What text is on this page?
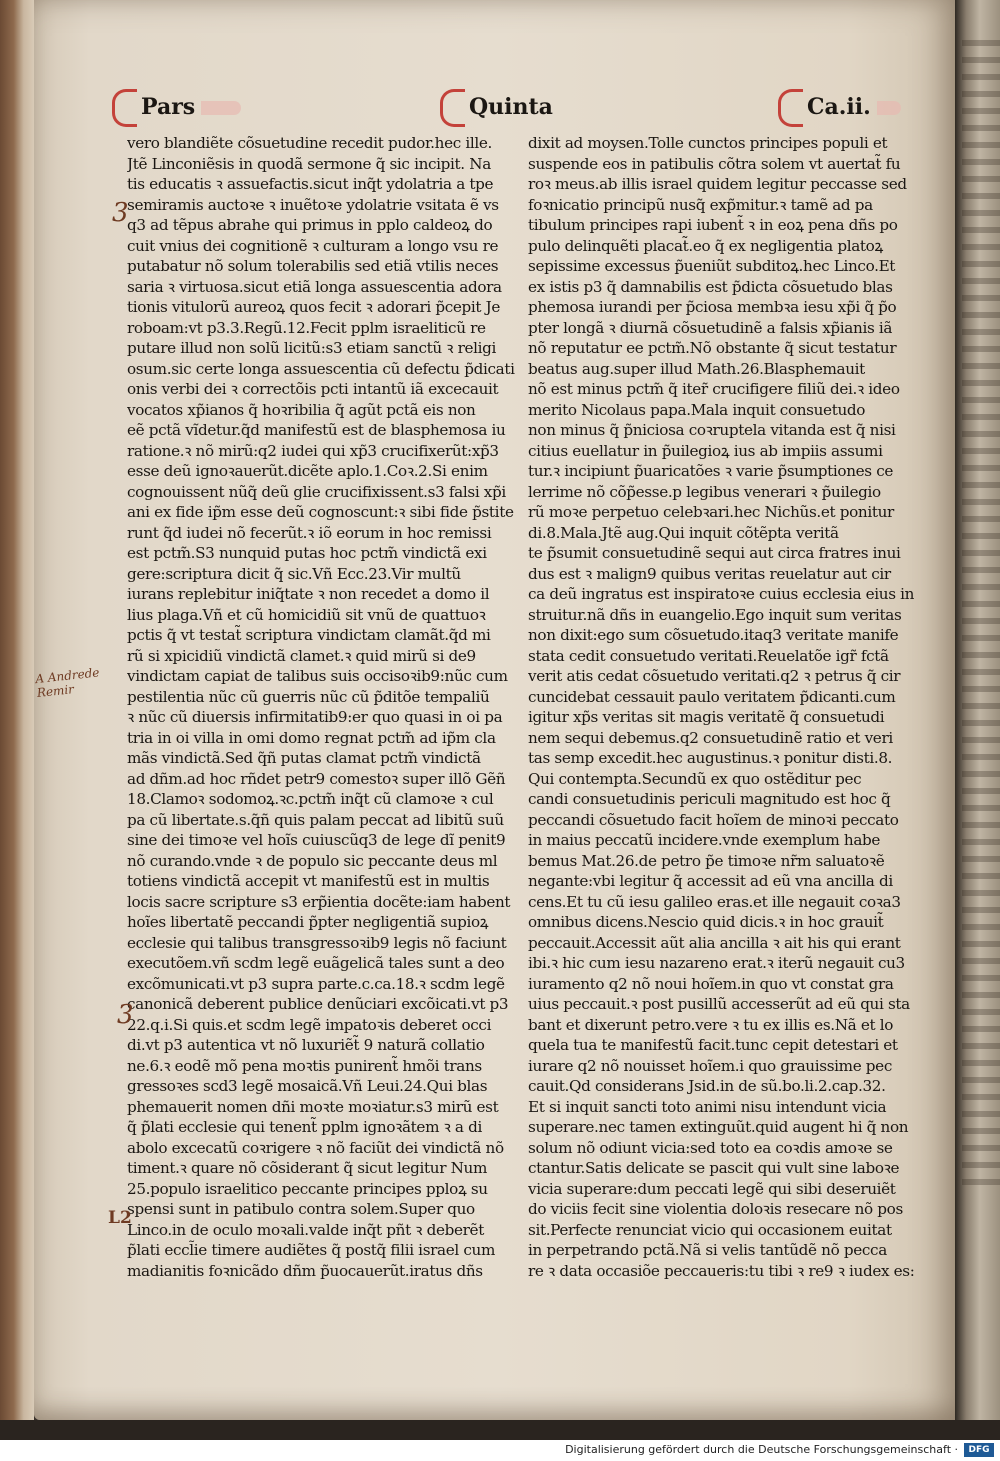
Pars	Quinta	Ca.ii.
vero blandiẽte cõsuetudine recedit pudor.hec ille.
Jtẽ Linconiẽsis in quodã sermone q̃ sic incipit. Na
tis educatis ꝛ assuefactis.sicut inq̃t ydolatria a tpe
semiramis auctoꝛe ꝛ inuẽtoꝛe ydolatrie vsitata ẽ vs
q3 ad tẽpus abrahe qui primus in pplo caldeoꝝ do
cuit vnius dei cognitionẽ ꝛ culturam a longo vsu re
putabatur nõ solum tolerabilis sed etiã vtilis neces
saria ꝛ virtuosa.sicut etiã longa assuescentia adora
tionis vitulorũ aureoꝝ quos fecit ꝛ adorari p̃cepit Je
roboam:vt p3.3.Regũ.12.Fecit pplm israeliticũ re
putare illud non solũ licitũ:s3 etiam sanctũ ꝛ religi
osum.sic certe longa assuescentia cũ defectu p̃dicati
onis verbi dei ꝛ correctõis pcti intantũ iã excecauit
vocatos xp̃ianos q̃ hoꝛribilia q̃ agũt pctã eis non
eẽ pctã vĩdetur.q̃d manifestũ est de blasphemosa iu
ratione.ꝛ nõ mirũ:q2 iudei qui xp̃3 crucifixerũt:xp̃3
esse deũ ignoꝛauerũt.dicẽte aplo.1.Coꝛ.2.Si enim
cognouissent nũq̃ deũ glie crucifixissent.s3 falsi xp̃i
ani ex fide ip̃m esse deũ cognoscunt:ꝛ sibi fide p̃stite
runt q̃d iudei nõ fecerũt.ꝛ iõ eorum in hoc remissi
est pctm̃.S3 nunquid putas hoc pctm̃ vindictã exi
gere:scriptura dicit q̃ sic.Vñ Ecc.23.Vir multũ
iurans replebitur iniq̃tate ꝛ non recedet a domo il
lius plaga.Vñ et cũ homicidiũ sit vnũ de quattuoꝛ
pctis q̃ vt testat̃ scriptura vindictam clamãt.q̃d mi
rũ si xpicidiũ vindictã clamet.ꝛ quid mirũ si de9
vindictam capiat de talibus suis occisoꝛib9:nũc cum
pestilentia nũc cũ guerris nũc cũ p̃ditõe tempaliũ
ꝛ nũc cũ diuersis infirmitatib9:er quo quasi in oi pa
tria in oi villa in omi domo regnat pctm̃ ad ip̃m cla
mãs vindictã.Sed q̃ñ putas clamat pctm̃ vindictã
ad dñm.ad hoc rñdet petr9 comestoꝛ super illõ Gẽñ
18.Clamoꝛ sodomoꝝ.ꝛc.pctm̃ inq̃t cũ clamoꝛe ꝛ cul
pa cũ libertate.s.q̃ñ quis palam peccat ad libitũ suũ
sine dei timoꝛe vel hoĩs cuiuscũq3 de lege dĩ penit9
nõ curando.vnde ꝛ de populo sic peccante deus ml
totiens vindictã accepit vt manifestũ est in multis
locis sacre scripture s3 erp̃ientia docẽte:iam habent
hoĩes libertatẽ peccandi p̃pter negligentiã supioꝝ
ecclesie qui talibus transgressoꝛib9 legis nõ faciunt
executõem.vñ scdm legẽ euãgelicã tales sunt a deo
excõmunicati.vt p3 supra parte.c.ca.18.ꝛ scdm legẽ
canonicã deberent publice denũciari excõicati.vt p3
22.q.i.Si quis.et scdm legẽ impatoꝛis deberet occi
di.vt p3 autentica vt nõ luxuriẽt̃ 9 naturã collatio
ne.6.ꝛ eodẽ mõ pena moꝛtis punirent̃ hmõi trans
gressoꝛes scd3 legẽ mosaicã.Vñ Leui.24.Qui blas
phemauerit nomen dñi moꝛte moꝛiatur.s3 mirũ est
q̃ p̃lati ecclesie qui tenent̃ pplm ignoꝛãtem ꝛ a di
abolo excecatũ coꝛrigere ꝛ nõ faciũt dei vindictã nõ
timent.ꝛ quare nõ cõsiderant q̃ sicut legitur Num
25.populo israelitico peccante principes pploꝝ su
spensi sunt in patibulo contra solem.Super quo
Linco.in de oculo moꝛali.valde inq̃t pñt ꝛ deberẽt
p̃lati eccl̃ie timere audiẽtes q̃ postq̃ filii israel cum
madianitis foꝛnicãdo dñm p̃uocauerũt.iratus dñs
dixit ad moysen.Tolle cunctos principes populi et
suspende eos in patibulis cõtra solem vt auertat̃ fu
roꝛ meus.ab illis israel quidem legitur peccasse sed
foꝛnicatio principũ nusq̃ exp̃mitur.ꝛ tamẽ ad pa
tibulum principes rapi iubent̃ ꝛ in eoꝝ pena dñs po
pulo delinquẽti placat̃.eo q̃ ex negligentia platoꝝ
sepissime excessus p̃ueniũt subditoꝝ.hec Linco.Et
ex istis p3 q̃ damnabilis est p̃dicta cõsuetudo blas
phemosa iurandi per p̃ciosa membꝛa iesu xp̃i q̃ p̃o
pter longã ꝛ diurnã cõsuetudinẽ a falsis xp̃ianis iã
nõ reputatur ee pctm̃.Nõ obstante q̃ sicut testatur
beatus aug.super illud Math.26.Blasphemauit
nõ est minus pctm̃ q̃ iter̃ crucifigere filiũ dei.ꝛ ideo
merito Nicolaus papa.Mala inquit consuetudo
non minus q̃ p̃niciosa coꝛruptela vitanda est q̃ nisi
citius euellatur in p̃uilegioꝝ ius ab impiis assumi
tur.ꝛ incipiunt p̃uaricatões ꝛ varie p̃sumptiones ce
lerrime nõ cõp̃esse.p legibus venerari ꝛ p̃uilegio
rũ moꝛe perpetuo celebꝛari.hec Nichũs.et ponitur
di.8.Mala.Jtẽ aug.Qui inquit cõtẽpta veritã
te p̃sumit consuetudinẽ sequi aut circa fratres inui
dus est ꝛ malign9 quibus veritas reuelatur aut cir
ca deũ ingratus est inspiratoꝛe cuius ecclesia eius in
struitur.nã dñs in euangelio.Ego inquit sum veritas
non dixit:ego sum cõsuetudo.itaq3 veritate manife
stata cedit consuetudo veritati.Reuelatõe igr̃ fctã
verit atis cedat cõsuetudo veritati.q2 ꝛ petrus q̃ cir
cuncidebat cessauit paulo veritatem p̃dicanti.cum
igitur xp̃s veritas sit magis veritatẽ q̃ consuetudi
nem sequi debemus.q2 consuetudinẽ ratio et veri
tas semp excedit.hec augustinus.ꝛ ponitur disti.8.
Qui contempta.Secundũ ex quo ostẽditur pec
candi consuetudinis periculi magnitudo est hoc q̃
peccandi cõsuetudo facit hoĩem de minoꝛi peccato
in maius peccatũ incidere.vnde exemplum habe
bemus Mat.26.de petro p̃e timoꝛe nr̃m saluatoꝛẽ
negante:vbi legitur q̃ accessit ad eũ vna ancilla di
cens.Et tu cũ iesu galileo eras.et ille negauit coꝛa3
omnibus dicens.Nescio quid dicis.ꝛ in hoc grauit̃
peccauit.Accessit aũt alia ancilla ꝛ ait his qui erant
ibi.ꝛ hic cum iesu nazareno erat.ꝛ iterũ negauit cu3
iuramento q2 nõ noui hoĩem.in quo vt constat gra
uius peccauit.ꝛ post pusillũ accesserũt ad eũ qui sta
bant et dixerunt petro.vere ꝛ tu ex illis es.Nã et lo
quela tua te manifestũ facit.tunc cepit detestari et
iurare q2 nõ nouisset hoĩem.i quo grauissime pec
cauit.Qd considerans Jsid.in de sũ.bo.li.2.cap.32.
Et si inquit sancti toto animi nisu intendunt vicia
superare.nec tamen extinguũt.quid augent hi q̃ non
solum nõ odiunt vicia:sed toto ea coꝛdis amoꝛe se
ctantur.Satis delicate se pascit qui vult sine laboꝛe
vicia superare:dum peccati legẽ qui sibi deseruiẽt
do viciis fecit sine violentia doloꝛis resecare nõ pos
sit.Perfecte renunciat vicio qui occasionem euitat
in perpetrando pctã.Nã si velis tantũdẽ nõ pecca
re ꝛ data occasiõe peccaueris:tu tibi ꝛ re9 ꝛ iudex es:
3
3
L2
A Andrede Remir
Digitalisierung gefördert durch die Deutsche Forschungsgemeinschaft ·	DFG
